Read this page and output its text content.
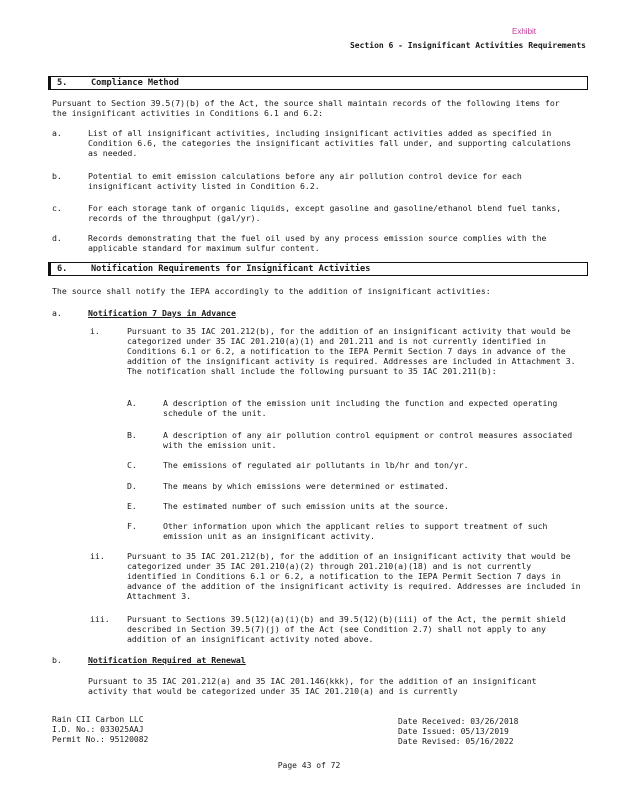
Exhibit
Section 6 - Insignificant Activities Requirements
5.	Compliance Method
Pursuant to Section 39.5(7)(b) of the Act, the source shall maintain records of the following items for the insignificant activities in Conditions 6.1 and 6.2:
a.	List of all insignificant activities, including insignificant activities added as specified in Condition 6.6, the categories the insignificant activities fall under, and supporting calculations as needed.
b.	Potential to emit emission calculations before any air pollution control device for each insignificant activity listed in Condition 6.2.
c.	For each storage tank of organic liquids, except gasoline and gasoline/ethanol blend fuel tanks, records of the throughput (gal/yr).
d.	Records demonstrating that the fuel oil used by any process emission source complies with the applicable standard for maximum sulfur content.
6.	Notification Requirements for Insignificant Activities
The source shall notify the IEPA accordingly to the addition of insignificant activities:
a.	Notification 7 Days in Advance
i.	Pursuant to 35 IAC 201.212(b), for the addition of an insignificant activity that would be categorized under 35 IAC 201.210(a)(1) and 201.211 and is not currently identified in Conditions 6.1 or 6.2, a notification to the IEPA Permit Section 7 days in advance of the addition of the insignificant activity is required. Addresses are included in Attachment 3. The notification shall include the following pursuant to 35 IAC 201.211(b):
A.	A description of the emission unit including the function and expected operating schedule of the unit.
B.	A description of any air pollution control equipment or control measures associated with the emission unit.
C.	The emissions of regulated air pollutants in lb/hr and ton/yr.
D.	The means by which emissions were determined or estimated.
E.	The estimated number of such emission units at the source.
F.	Other information upon which the applicant relies to support treatment of such emission unit as an insignificant activity.
ii.	Pursuant to 35 IAC 201.212(b), for the addition of an insignificant activity that would be categorized under 35 IAC 201.210(a)(2) through 201.210(a)(18) and is not currently identified in Conditions 6.1 or 6.2, a notification to the IEPA Permit Section 7 days in advance of the addition of the insignificant activity is required. Addresses are included in Attachment 3.
iii. Pursuant to Sections 39.5(12)(a)(i)(b) and 39.5(12)(b)(iii) of the Act, the permit shield described in Section 39.5(7)(j) of the Act (see Condition 2.7) shall not apply to any addition of an insignificant activity noted above.
b.	Notification Required at Renewal
Pursuant to 35 IAC 201.212(a) and 35 IAC 201.146(kkk), for the addition of an insignificant activity that would be categorized under 35 IAC 201.210(a) and is currently
Rain CII Carbon LLC
I.D. No.: 033025AAJ
Permit No.: 95120082
Date Received: 03/26/2018
Date Issued: 05/13/2019
Date Revised: 05/16/2022
Page 43 of 72
